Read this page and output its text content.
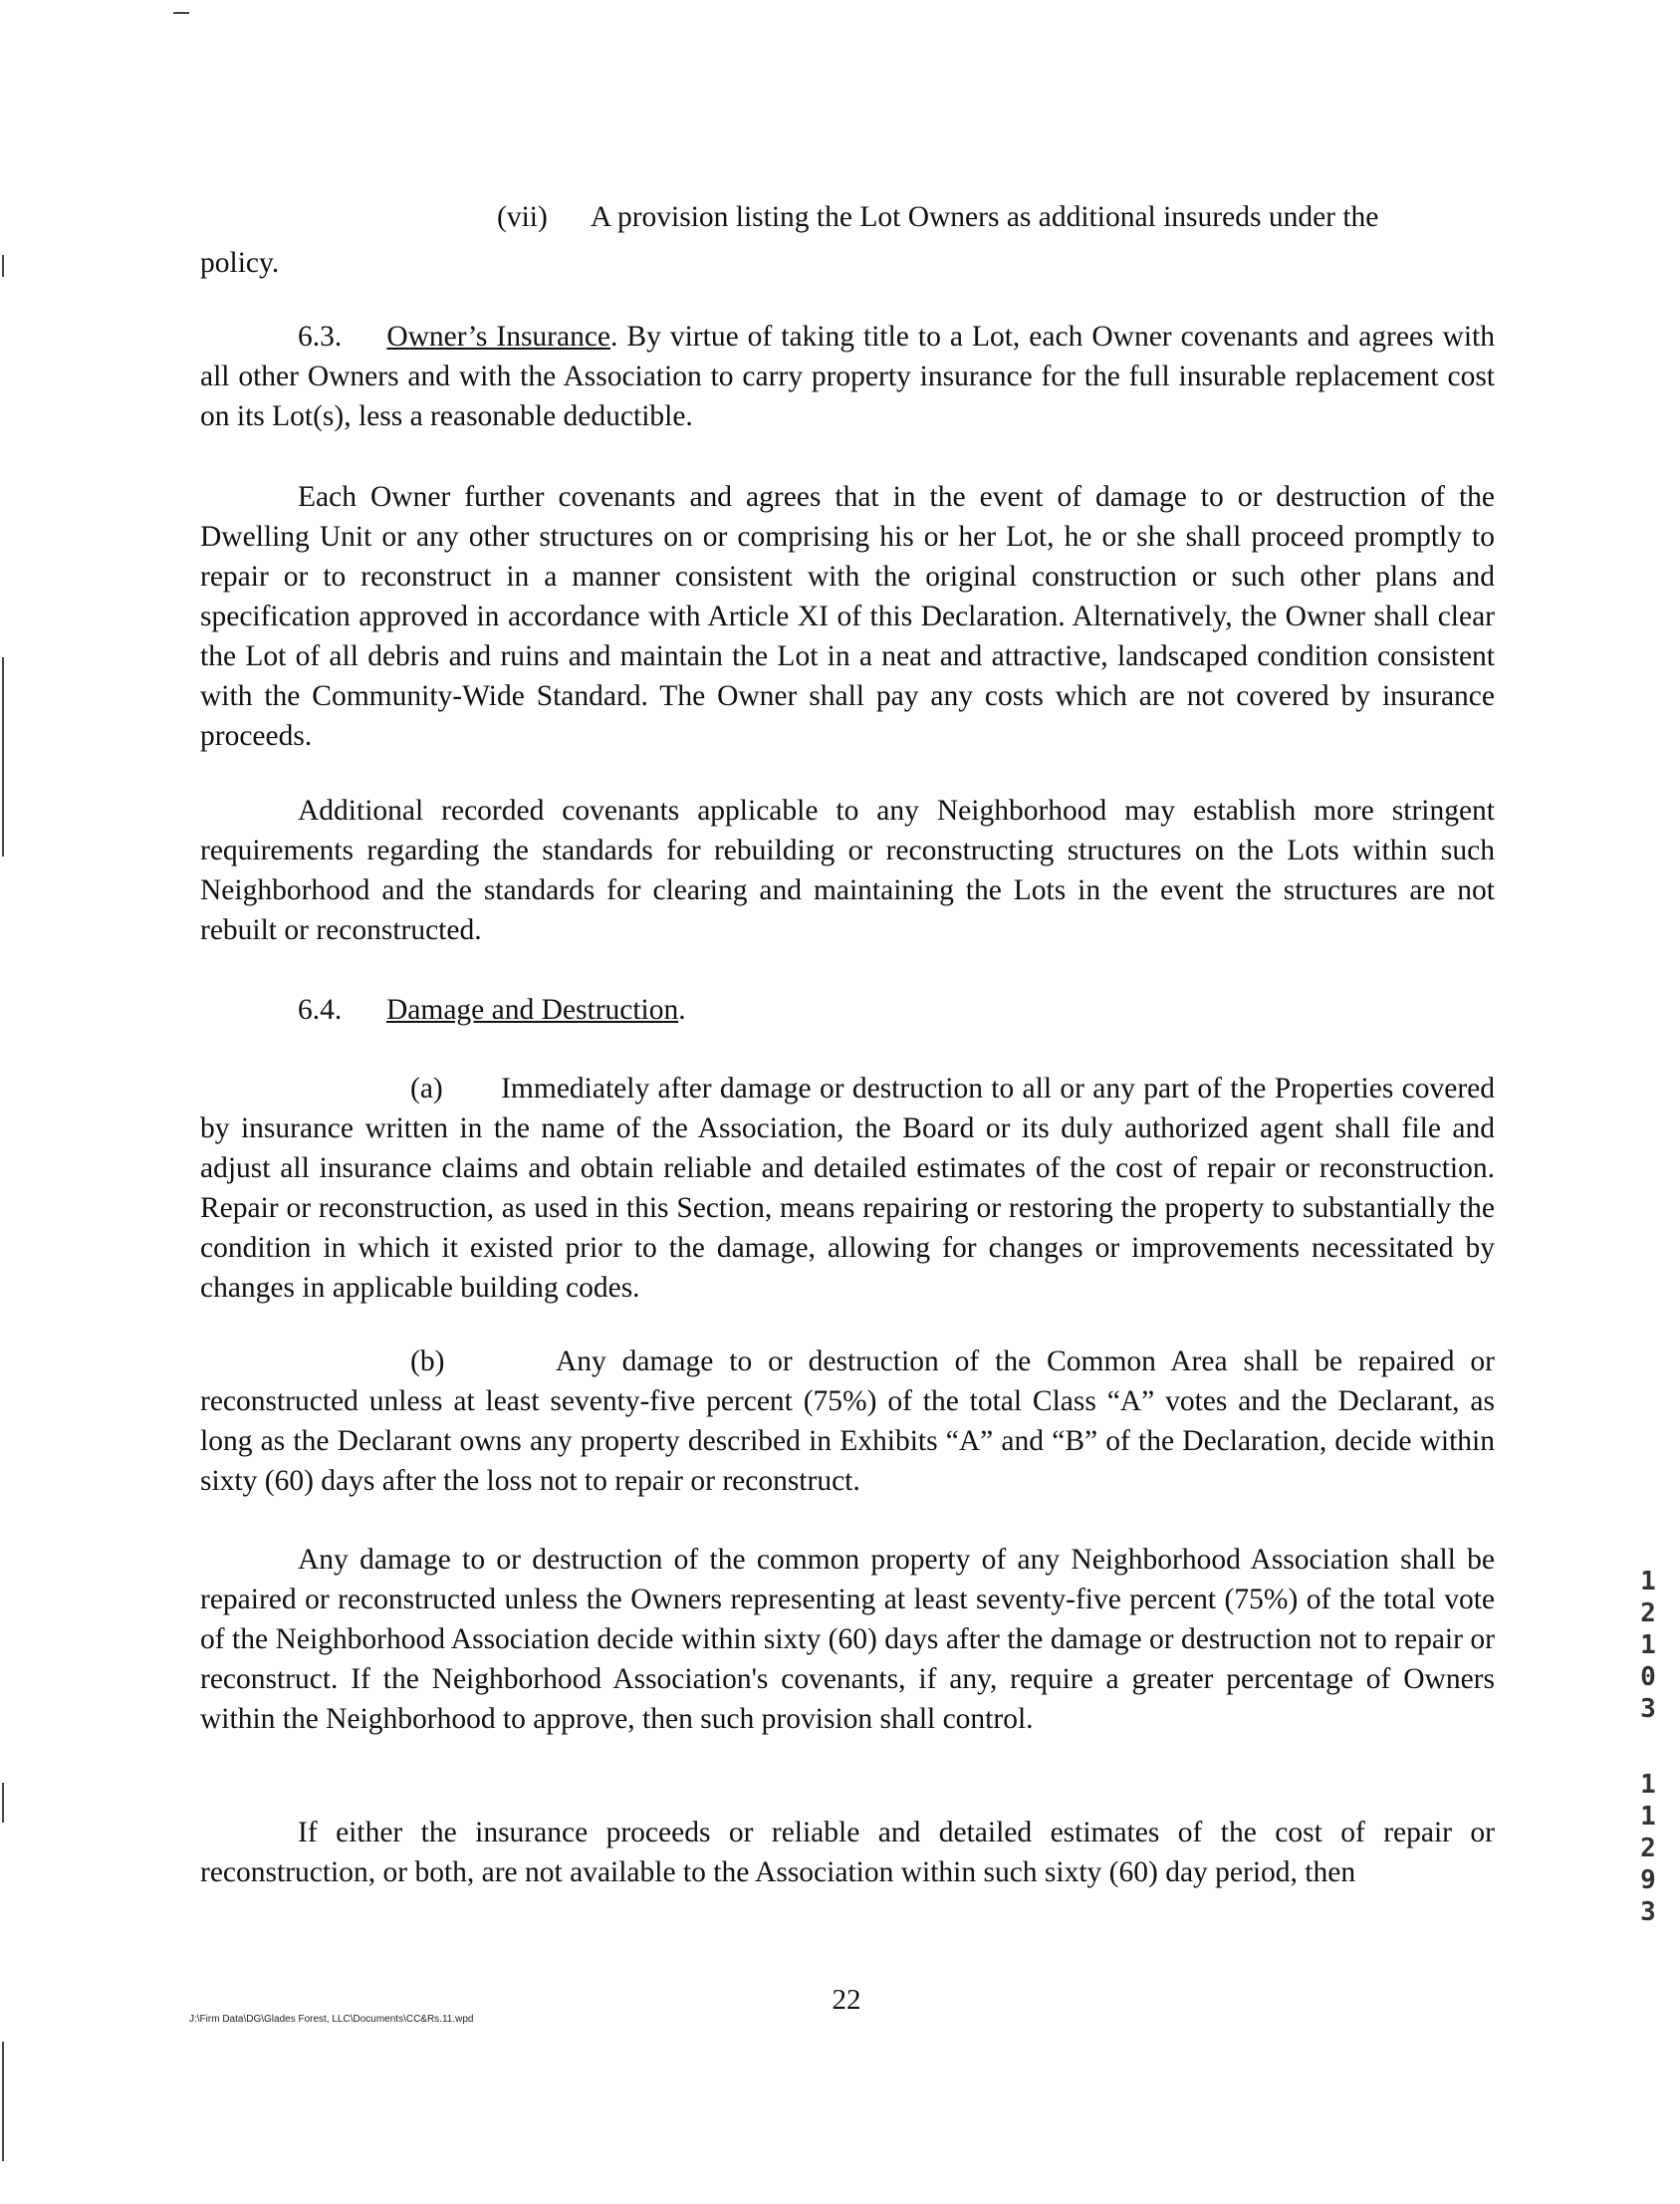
(vii) A provision listing the Lot Owners as additional insureds under the
policy.

6.3. Owner’s Insurance. By virtue of taking title to a Lot, each Owner covenants and agrees with all other Owners and with the Association to carry property insurance for the full insurable replacement cost on its Lot(s), less a reasonable deductible.

Each Owner further covenants and agrees that in the event of damage to or destruction of the Dwelling Unit or any other structures on or comprising his or her Lot, he or she shall proceed promptly to repair or to reconstruct in a manner consistent with the original construction or such other plans and specification approved in accordance with Article XI of this Declaration. Alternatively, the Owner shall clear the Lot of all debris and ruins and maintain the Lot in a neat and attractive, landscaped condition consistent with the Community-Wide Standard. The Owner shall pay any costs which are not covered by insurance proceeds.

Additional recorded covenants applicable to any Neighborhood may establish more stringent requirements regarding the standards for rebuilding or reconstructing structures on the Lots within such Neighborhood and the standards for clearing and maintaining the Lots in the event the structures are not rebuilt or reconstructed.

6.4. Damage and Destruction.

(a) Immediately after damage or destruction to all or any part of the Properties covered by insurance written in the name of the Association, the Board or its duly authorized agent shall file and adjust all insurance claims and obtain reliable and detailed estimates of the cost of repair or reconstruction. Repair or reconstruction, as used in this Section, means repairing or restoring the property to substantially the condition in which it existed prior to the damage, allowing for changes or improvements necessitated by changes in applicable building codes.

(b)	Any damage to or destruction of the Common Area shall be repaired or reconstructed unless at least seventy-five percent (75%) of the total Class “A” votes and the Declarant, as long as the Declarant owns any property described in Exhibits “A” and “B” of the Declaration, decide within sixty (60) days after the loss not to repair or reconstruct.

Any damage to or destruction of the common property of any Neighborhood Association shall be repaired or reconstructed unless the Owners representing at least seventy-five percent (75%) of the total vote of the Neighborhood Association decide within sixty (60) days after the damage or destruction not to repair or reconstruct. If the Neighborhood Association's covenants, if any, require a greater percentage of Owners within the Neighborhood to approve, then such provision shall control.

If either the insurance proceeds or reliable and detailed estimates of the cost of repair or reconstruction, or both, are not available to the Association within such sixty (60) day period, then

22
J:\Firm Data\DG\Glades Forest, LLC\Documents\CC&Rs.11.wpd
1
2
1
0
3
1
1
2
9
3
